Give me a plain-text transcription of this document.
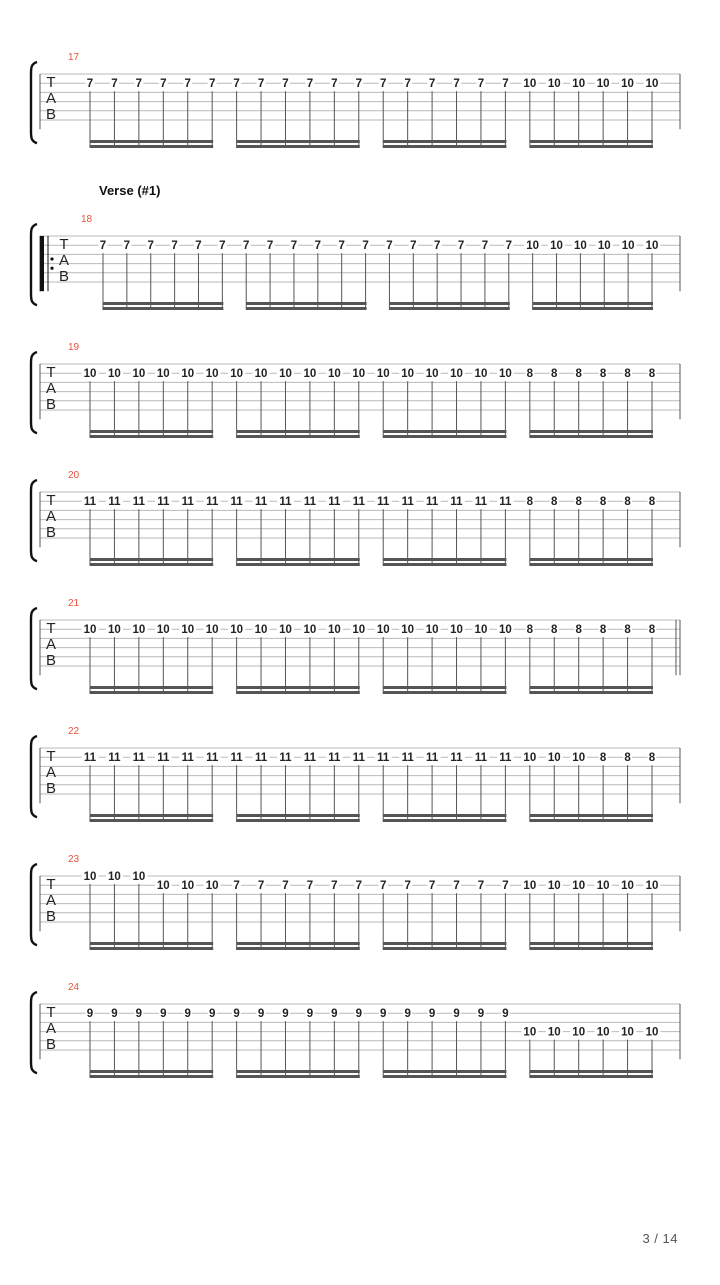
T
A
B
17
7 7 7 7 7 7 7 7 7 7 7 7 7 7 7 7 7 7 10 10 10 10 10 10
T
A
B
18
Verse (#1)
7 7 7 7 7 7 7 7 7 7 7 7 7 7 7 7 7 7 10 10 10 10 10 10
T
A
B
19
10 10 10 10 10 10 10 10 10 10 10 10 10 10 10 10 10 10 8 8 8 8 8 8
T
A
B
20
11 11 11 11 11 11 11 11 11 11 11 11 11 11 11 11 11 11 8 8 8 8 8 8
T
A
B
21
10 10 10 10 10 10 10 10 10 10 10 10 10 10 10 10 10 10 8 8 8 8 8 8
T
A
B
22
11 11 11 11 11 11 11 11 11 11 11 11 11 11 11 11 11 11 10 10 10 8 8 8
T
A
B
23
10 10 10
10 10 10 7 7 7 7 7 7 7 7 7 7 7 7 10 10 10 10 10 10
T
A
B
24
9 9 9 9 9 9 9 9 9 9 9 9 9 9 9 9 9 9
10 10 10 10 10 10
3 / 14
